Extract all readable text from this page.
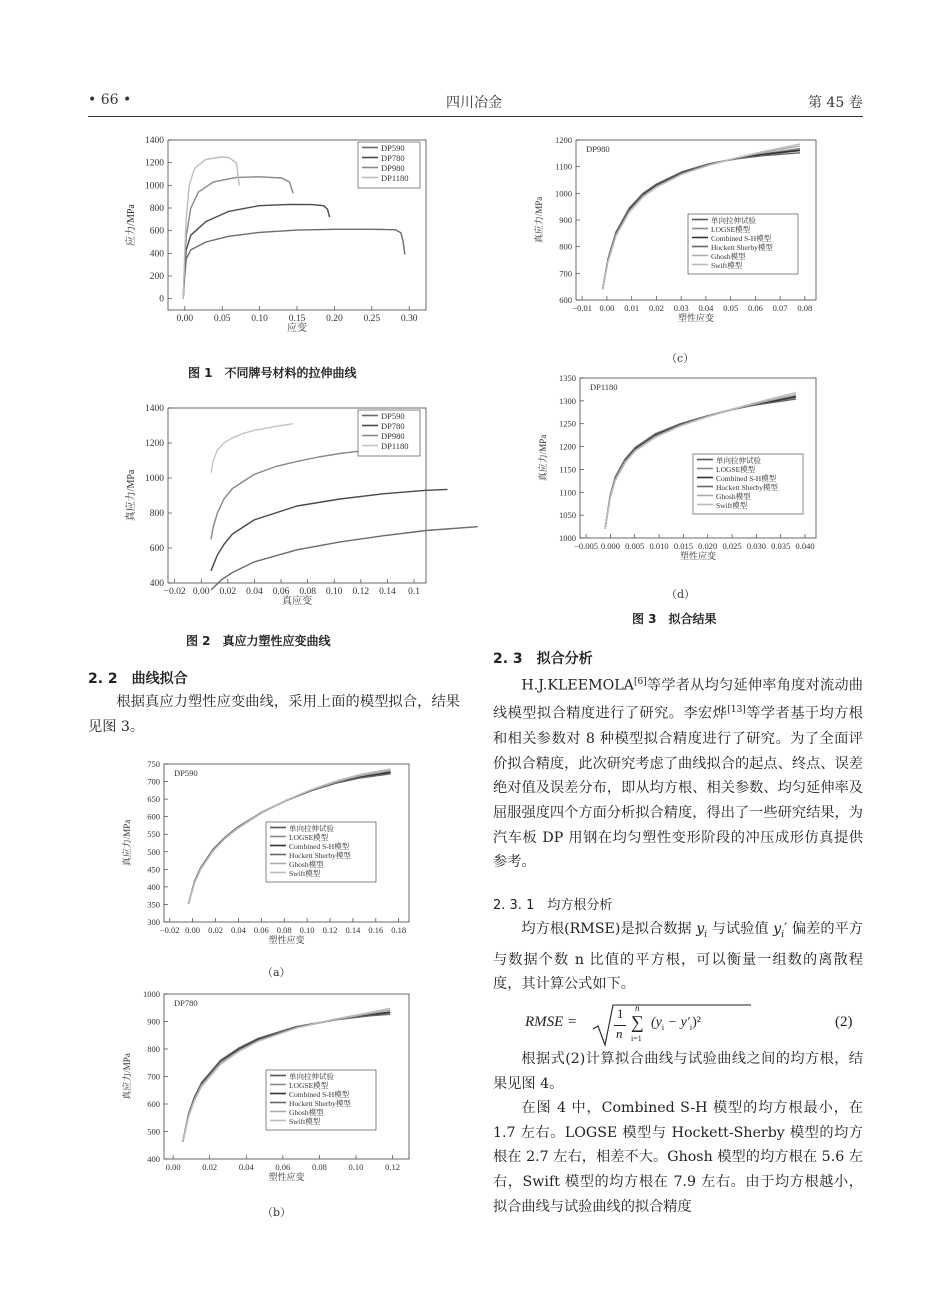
• 66 •	四川冶金	第 45 卷
0
200
400
600
800
1000
1200
1400
0.00 0.05 0.10 0.15 0.20 0.25 0.30
应变
应力/MPa
DP590
DP780
DP980
DP1180
图 1　不同牌号材料的拉伸曲线
400
600
800
1000
1200
1400
−0.02 0.00 0.02 0.04 0.06 0.08 0.10 0.12 0.14 0.1
真应变
真应力/MPa
DP590
DP780
DP980
DP1180
图 2　真应力塑性应变曲线
300
350
400
450
500
550
600
650
700
750
−0.02 0.00 0.02 0.04 0.06 0.08 0.10 0.12 0.14 0.16 0.18
塑性应变
真应力/MPa
DP590
单向拉伸试验
LOGSE模型
Combined S-H模型
Hockett Sherby模型
Ghosh模型
Swift模型
（a）
400
500
600
700
800
900
1000
0.00	0.02	0.04	0.06	0.08	0.10	0.12
塑性应变
真应力/MPa
DP780
单向拉伸试验
LOGSE模型
Combined S-H模型
Hockett Sherby模型
Ghosh模型
Swift模型
（b）
600
700
800
900
1000
1100
1200
−0.01 0.00 0.01 0.02 0.03 0.04 0.05 0.06 0.07 0.08
塑性应变
真应力/MPa
DP980
单向拉伸试验
LOGSE模型
Combined S-H模型
Hockett Sherby模型
Ghosh模型
Swift模型
（c）
1000
1050
1100
1150
1200
1250
1300
1350
−0.005 0.000 0.005 0.010 0.015 0.020 0.025 0.030 0.035 0.040
塑性应变
真应力/MPa
DP1180
单向拉伸试验
LOGSE模型
Combined S-H模型
Hockett Sherby模型
Ghosh模型
Swift模型
（d）
图 3　拟合结果
2. 2　曲线拟合
根据真应力塑性应变曲线，采用上面的模型拟合，结果见图 3。
2. 3　拟合分析
H.J.KLEEMOLA[6]等学者从均匀延伸率角度对流动曲线模型拟合精度进行了研究。李宏烨[13]等学者基于均方根和相关参数对 8 种模型拟合精度进行了研究。为了全面评价拟合精度，此次研究考虑了曲线拟合的起点、终点、误差绝对值及误差分布，即从均方根、相关参数、均匀延伸率及屈服强度四个方面分析拟合精度，得出了一些研究结果，为汽车板 DP 用钢在均匀塑性变形阶段的冲压成形仿真提供参考。
2. 3. 1　均方根分析
均方根(RMSE)是拟合数据 $y_i$ 与试验值 $y_i'$ 偏差的平方与数据个数 n 比值的平方根，可以衡量一组数的离散程度，其计算公式如下。
RMSE =
1
n
n
∑
i=1
$(y_i - y'_i)^2$	(2)
根据式(2)计算拟合曲线与试验曲线之间的均方根，结果见图 4。
在图 4 中，Combined S-H 模型的均方根最小，在 1.7 左右。LOGSE 模型与 Hockett-Sherby 模型的均方根在 2.7 左右，相差不大。Ghosh 模型的均方根在 5.6 左右，Swift 模型的均方根在 7.9 左右。由于均方根越小，拟合曲线与试验曲线的拟合精度
